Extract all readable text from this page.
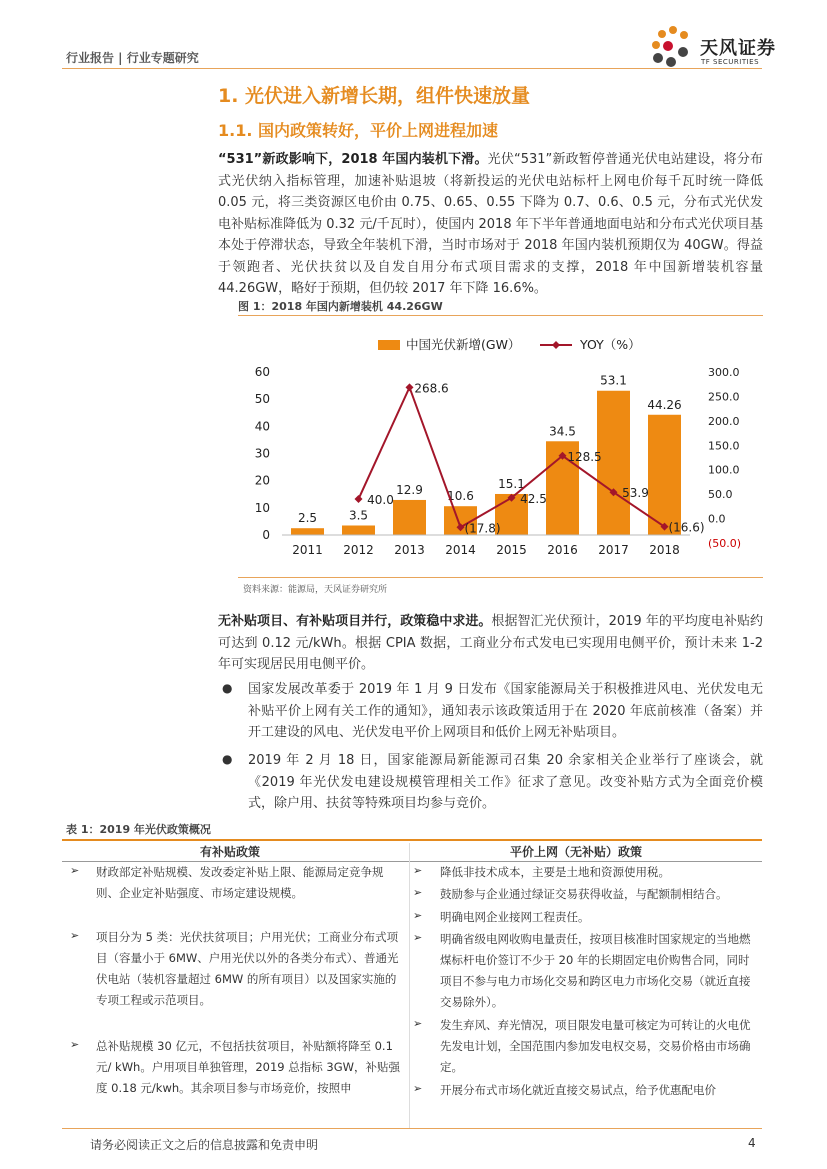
行业报告 | 行业专题研究	天风证券
TF SECURITIES
1. 光伏进入新增长期，组件快速放量
1.1. 国内政策转好，平价上网进程加速
“531”新政影响下，2018 年国内装机下滑。光伏“531”新政暂停普通光伏电站建设，将分布式光伏纳入指标管理，加速补贴退坡（将新投运的光伏电站标杆上网电价每千瓦时统一降低 0.05 元，将三类资源区电价由 0.75、0.65、0.55 下降为 0.7、0.6、0.5 元，分布式光伏发电补贴标准降低为 0.32 元/千瓦时），使国内 2018 年下半年普通地面电站和分布式光伏项目基本处于停滞状态，导致全年装机下滑，当时市场对于 2018 年国内装机预期仅为 40GW。得益于领跑者、光伏扶贫以及自发自用分布式项目需求的支撑，2018 年中国新增装机容量 44.26GW，略好于预期，但仍较 2017 年下降 16.6%。
图 1：2018 年国内新增装机 44.26GW
2.5	3.5
12.9 10.6
15.1
34.5
53.1
44.26
40.0
268.6
(17.8)
42.5
128.5
53.9
(16.6)
0
10
20
30
40
50
60
(50.0)
0.0
50.0
100.0
150.0
200.0
250.0
300.0
2011 2012 2013 2014 2015 2016 2017 2018
中国光伏新增(GW）	YOY（%）
资料来源：能源局，天风证券研究所
无补贴项目、有补贴项目并行，政策稳中求进。根据智汇光伏预计，2019 年的平均度电补贴约可达到 0.12 元/kWh。根据 CPIA 数据，工商业分布式发电已实现用电侧平价，预计未来 1-2 年可实现居民用电侧平价。
● 国家发展改革委于 2019 年 1 月 9 日发布《国家能源局关于积极推进风电、光伏发电无补贴平价上网有关工作的通知》，通知表示该政策适用于在 2020 年底前核准（备案）并开工建设的风电、光伏发电平价上网项目和低价上网无补贴项目。
● 2019 年 2 月 18 日，国家能源局新能源司召集 20 余家相关企业举行了座谈会，就《2019 年光伏发电建设规模管理相关工作》征求了意见。改变补贴方式为全面竞价模式，除户用、扶贫等特殊项目均参与竞价。
表 1：2019 年光伏政策概况
有补贴政策	平价上网（无补贴）政策
➢ 财政部定补贴规模、发改委定补贴上限、能源局定竞争规则、企业定补贴强度、市场定建设规模。
➢ 项目分为 5 类：光伏扶贫项目；户用光伏；工商业分布式项目（容量小于 6MW、户用光伏以外的各类分布式）、普通光伏电站（装机容量超过 6MW 的所有项目）以及国家实施的专项工程或示范项目。
➢ 总补贴规模 30 亿元，不包括扶贫项目，补贴额将降至 0.1 元/ kWh。户用项目单独管理，2019 总指标 3GW，补贴强度 0.18 元/kwh。其余项目参与市场竞价，按照申
➢ 降低非技术成本，主要是土地和资源使用税。
➢ 鼓励参与企业通过绿证交易获得收益，与配额制相结合。
➢ 明确电网企业接网工程责任。
➢ 明确省级电网收购电量责任，按项目核准时国家规定的当地燃煤标杆电价签订不少于 20 年的长期固定电价购售合同，同时项目不参与电力市场化交易和跨区电力市场化交易（就近直接交易除外）。
➢ 发生弃风、弃光情况，项目限发电量可核定为可转让的火电优先发电计划，全国范围内参加发电权交易，交易价格由市场确定。
➢ 开展分布式市场化就近直接交易试点，给予优惠配电价
请务必阅读正文之后的信息披露和免责申明	4
